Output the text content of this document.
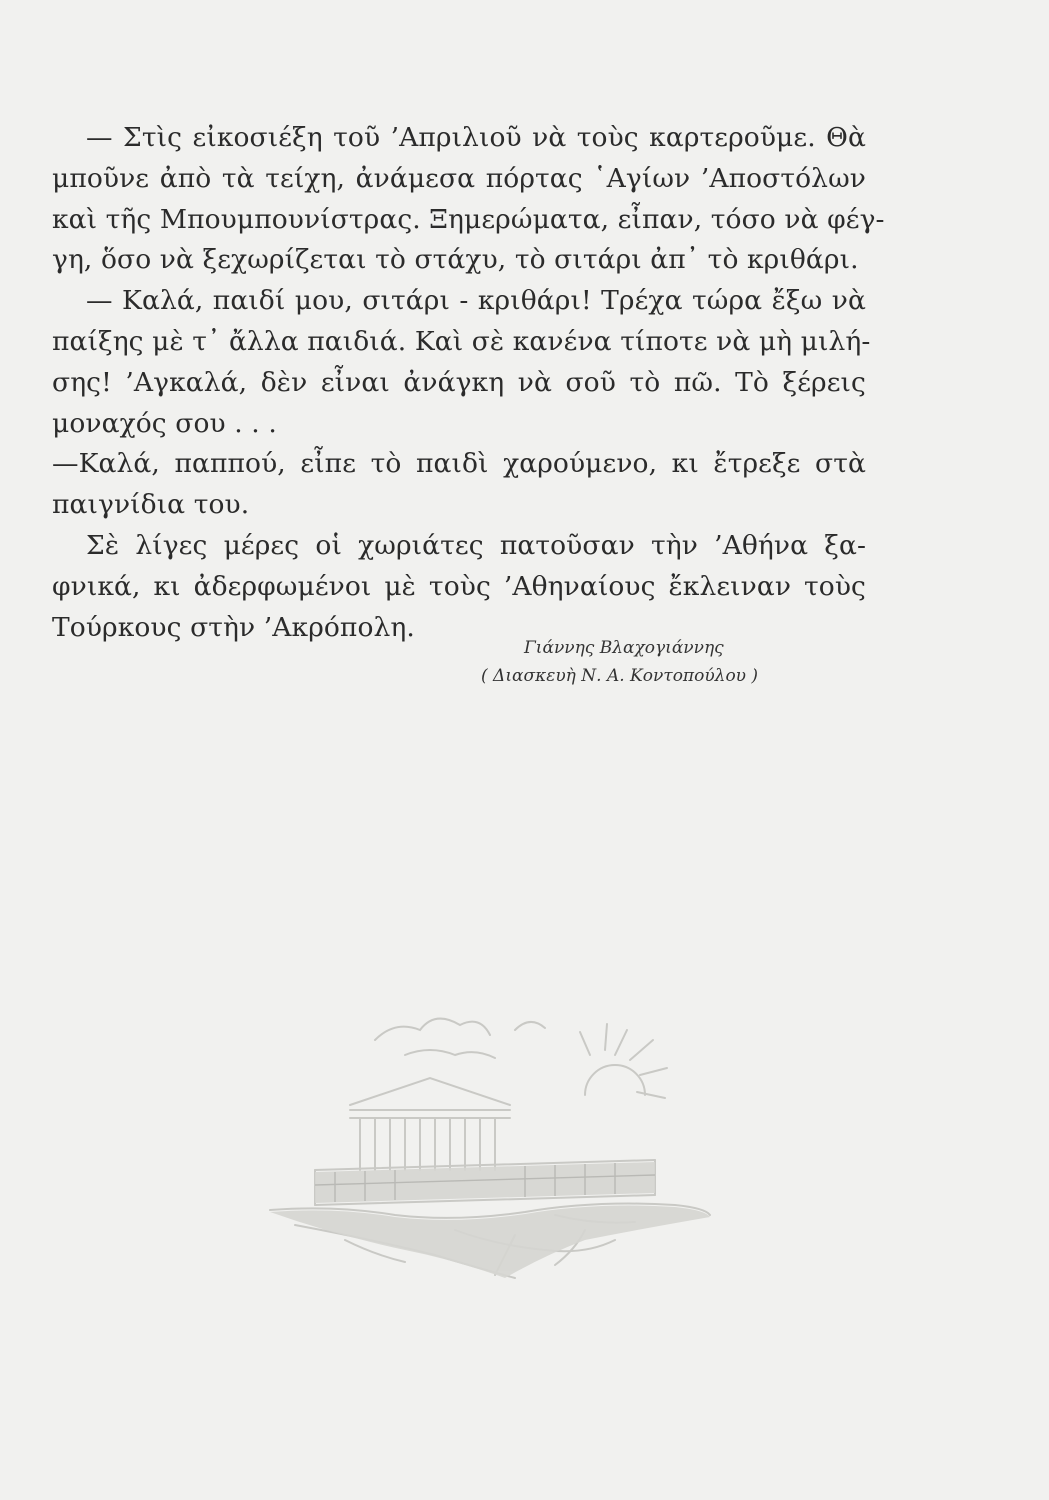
— Στὶς εἰκοσιέξη τοῦ ’Απριλιοῦ νὰ τοὺς καρτεροῦμε. Θὰ
μποῦνε ἀπὸ τὰ τείχη, ἀνάμεσα πόρτας ῾Αγίων ’Αποστόλων
καὶ τῆς Μπουμπουνίστρας. Ξημερώματα, εἶπαν, τόσο νὰ φέγ-
γη, ὅσο νὰ ξεχωρίζεται τὸ στάχυ, τὸ σιτάρι ἀπ᾽ τὸ κριθάρι.
— Καλά, παιδί μου, σιτάρι - κριθάρι! Τρέχα τώρα ἔξω νὰ
παίξης μὲ τ᾽ ἄλλα παιδιά. Καὶ σὲ κανένα τίποτε νὰ μὴ μιλή-
σης! ’Αγκαλά, δὲν εἶναι ἀνάγκη νὰ σοῦ τὸ πῶ. Τὸ ξέρεις
μοναχός σου . . .
—Καλά, παππού, εἶπε τὸ παιδὶ χαρούμενο, κι ἔτρεξε στὰ
παιγνίδια του.
Σὲ λίγες μέρες οἱ χωριάτες πατοῦσαν τὴν ’Αθήνα ξα-
φνικά, κι ἀδερφωμένοι μὲ τοὺς ’Αθηναίους ἔκλειναν τοὺς
Τούρκους στὴν ’Ακρόπολη.
Γιάννης Βλαχογιάννης
( Διασκευὴ Ν. Α. Κοντοπούλου )
